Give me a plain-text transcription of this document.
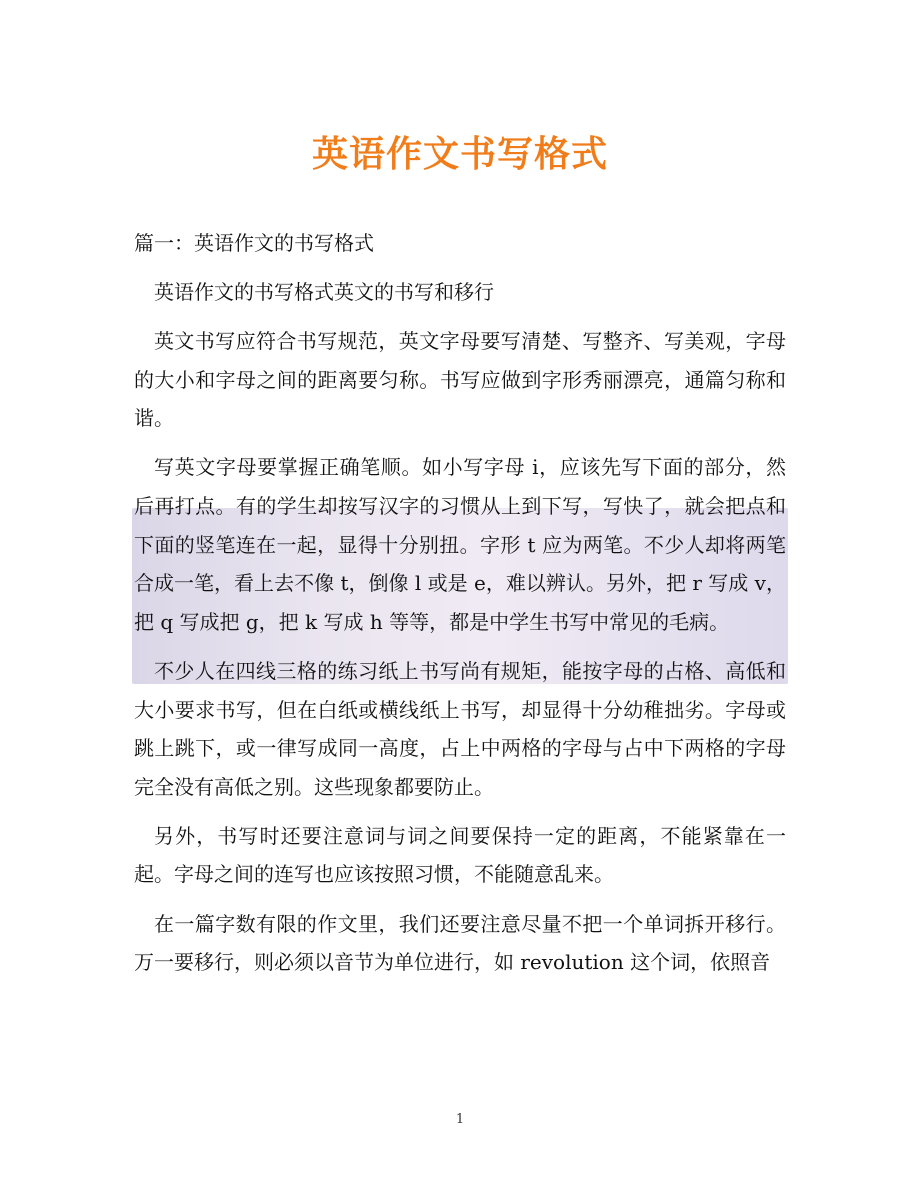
英语作文书写格式

篇一：英语作文的书写格式

英语作文的书写格式英文的书写和移行

英文书写应符合书写规范，英文字母要写清楚、写整齐、写美观，字母的大小和字母之间的距离要匀称。书写应做到字形秀丽漂亮，通篇匀称和谐。

写英文字母要掌握正确笔顺。如小写字母 i，应该先写下面的部分，然后再打点。有的学生却按写汉字的习惯从上到下写，写快了，就会把点和下面的竖笔连在一起，显得十分别扭。字形 t 应为两笔。不少人却将两笔合成一笔，看上去不像 t，倒像 l 或是 e，难以辨认。另外，把 r 写成 v，把 q 写成把 g，把 k 写成 h 等等，都是中学生书写中常见的毛病。

不少人在四线三格的练习纸上书写尚有规矩，能按字母的占格、高低和大小要求书写，但在白纸或横线纸上书写，却显得十分幼稚拙劣。字母或跳上跳下，或一律写成同一高度，占上中两格的字母与占中下两格的字母完全没有高低之别。这些现象都要防止。

另外，书写时还要注意词与词之间要保持一定的距离，不能紧靠在一起。字母之间的连写也应该按照习惯，不能随意乱来。

在一篇字数有限的作文里，我们还要注意尽量不把一个单词拆开移行。万一要移行，则必须以音节为单位进行，如 revolution 这个词，依照音

1
